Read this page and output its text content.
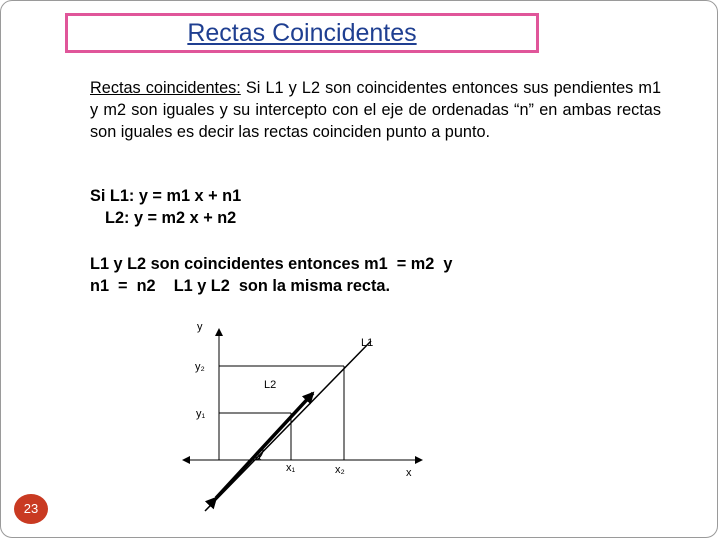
Rectas Coincidentes
Rectas coincidentes: Si L1 y L2 son coincidentes entonces sus pendientes m1 y m2 son iguales y su intercepto con el eje de ordenadas “n” en ambas rectas son iguales es decir las rectas coinciden punto a punto.
Si L1: y = m1 x + n1
L2: y = m2 x + n2
L1 y L2 son coincidentes entonces m1  = m2  y
n1  =  n2    L1 y L2  son la misma recta.
y
L1
y₂
L2
y₁
α
x₁	x₂	x
23
